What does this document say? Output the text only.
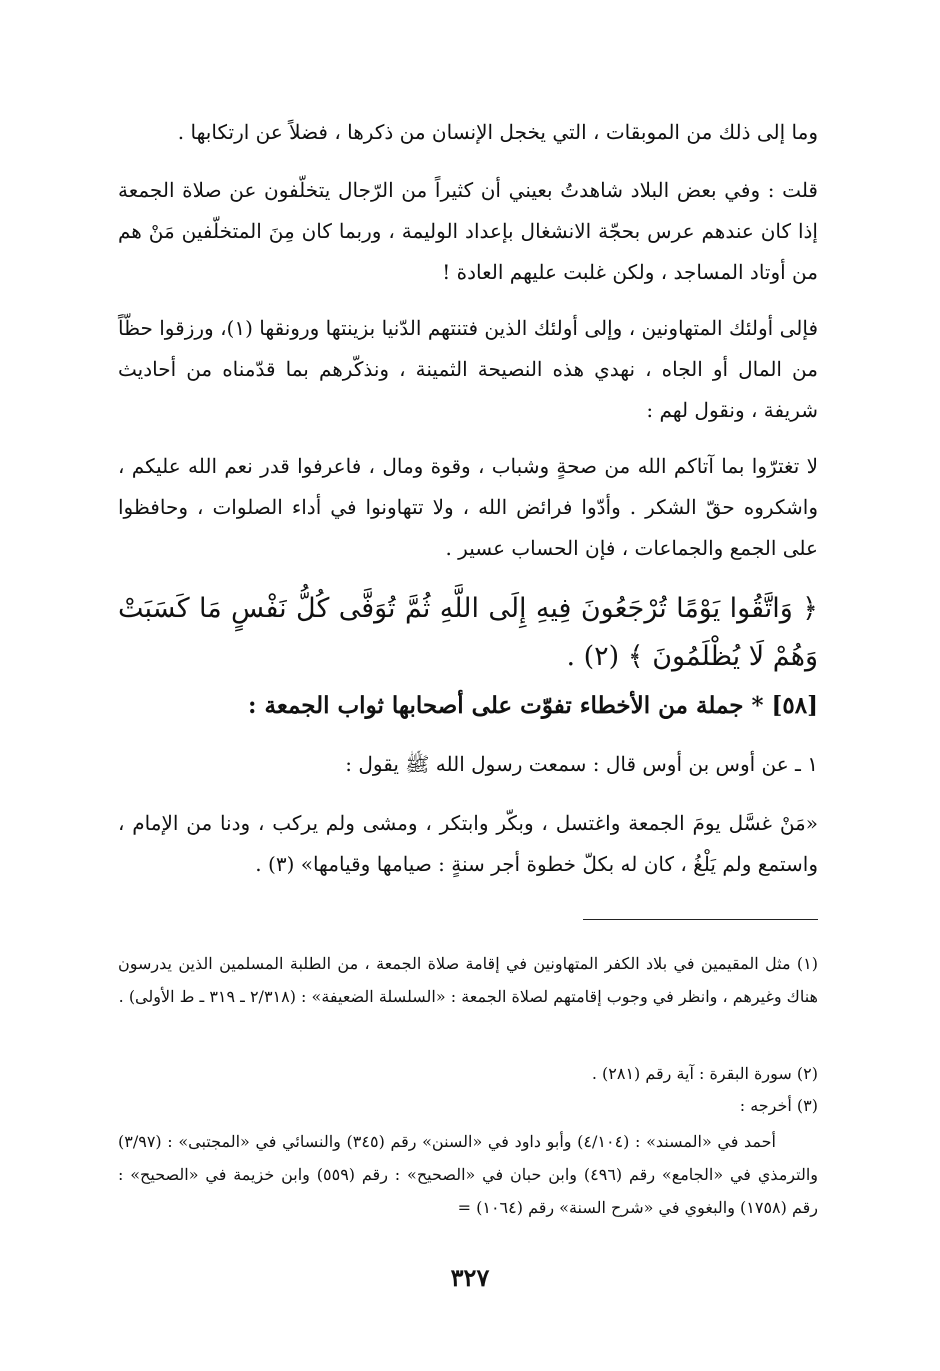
وما إلى ذلك من الموبقات ، التي يخجل الإنسان من ذكرها ، فضلاً عن ارتكابها .
قلت : وفي بعض البلاد شاهدتُ بعيني أن كثيراً من الرّجال يتخلّفون عن صلاة الجمعة إذا كان عندهم عرس بحجّة الانشغال بإعداد الوليمة ، وربما كان مِنَ المتخلّفين مَنْ هم من أوتاد المساجد ، ولكن غلبت عليهم العادة !
فإلى أولئك المتهاونين ، وإلى أولئك الذين فتنتهم الدّنيا بزينتها ورونقها (١)، ورزقوا حظّاً من المال أو الجاه ، نهدي هذه النصيحة الثمينة ، ونذكّرهم بما قدّمناه من أحاديث شريفة ، ونقول لهم :
لا تغترّوا بما آتاكم الله من صحةٍ وشباب ، وقوة ومال ، فاعرفوا قدر نعم الله عليكم ، واشكروه حقّ الشكر . وأدّوا فرائض الله ، ولا تتهاونوا في أداء الصلوات ، وحافظوا على الجمع والجماعات ، فإن الحساب عسير .
﴿ وَاتَّقُوا يَوْمًا تُرْجَعُونَ فِيهِ إِلَى اللَّهِ ثُمَّ تُوَفَّى كُلُّ نَفْسٍ مَا كَسَبَتْ وَهُمْ لَا يُظْلَمُونَ ﴾ (٢) .
[٥٨] * جملة من الأخطاء تفوّت على أصحابها ثواب الجمعة :
١ ـ عن أوس بن أوس قال : سمعت رسول الله ﷺ يقول :
«مَنْ غسَّل يومَ الجمعة واغتسل ، وبكّر وابتكر ، ومشى ولم يركب ، ودنا من الإمام ، واستمع ولم يَلْغُ ، كان له بكلّ خطوة أجر سنةٍ : صيامها وقيامها» (٣) .
(١) مثل المقيمين في بلاد الكفر المتهاونين في إقامة صلاة الجمعة ، من الطلبة المسلمين الذين يدرسون هناك وغيرهم ، وانظر في وجوب إقامتهم لصلاة الجمعة : «السلسلة الضعيفة» : (٢/٣١٨ ـ ٣١٩ ـ ط الأولى) .
(٢) سورة البقرة : آية رقم (٢٨١) .
(٣) أخرجه :
أحمد في «المسند» : (٤/١٠٤) وأبو داود في «السنن» رقم (٣٤٥) والنسائي في «المجتبى» : (٣/٩٧) والترمذي في «الجامع» رقم (٤٩٦) وابن حبان في «الصحيح» : رقم (٥٥٩) وابن خزيمة في «الصحيح» : رقم (١٧٥٨) والبغوي في «شرح السنة» رقم (١٠٦٤) =
٣٢٧
